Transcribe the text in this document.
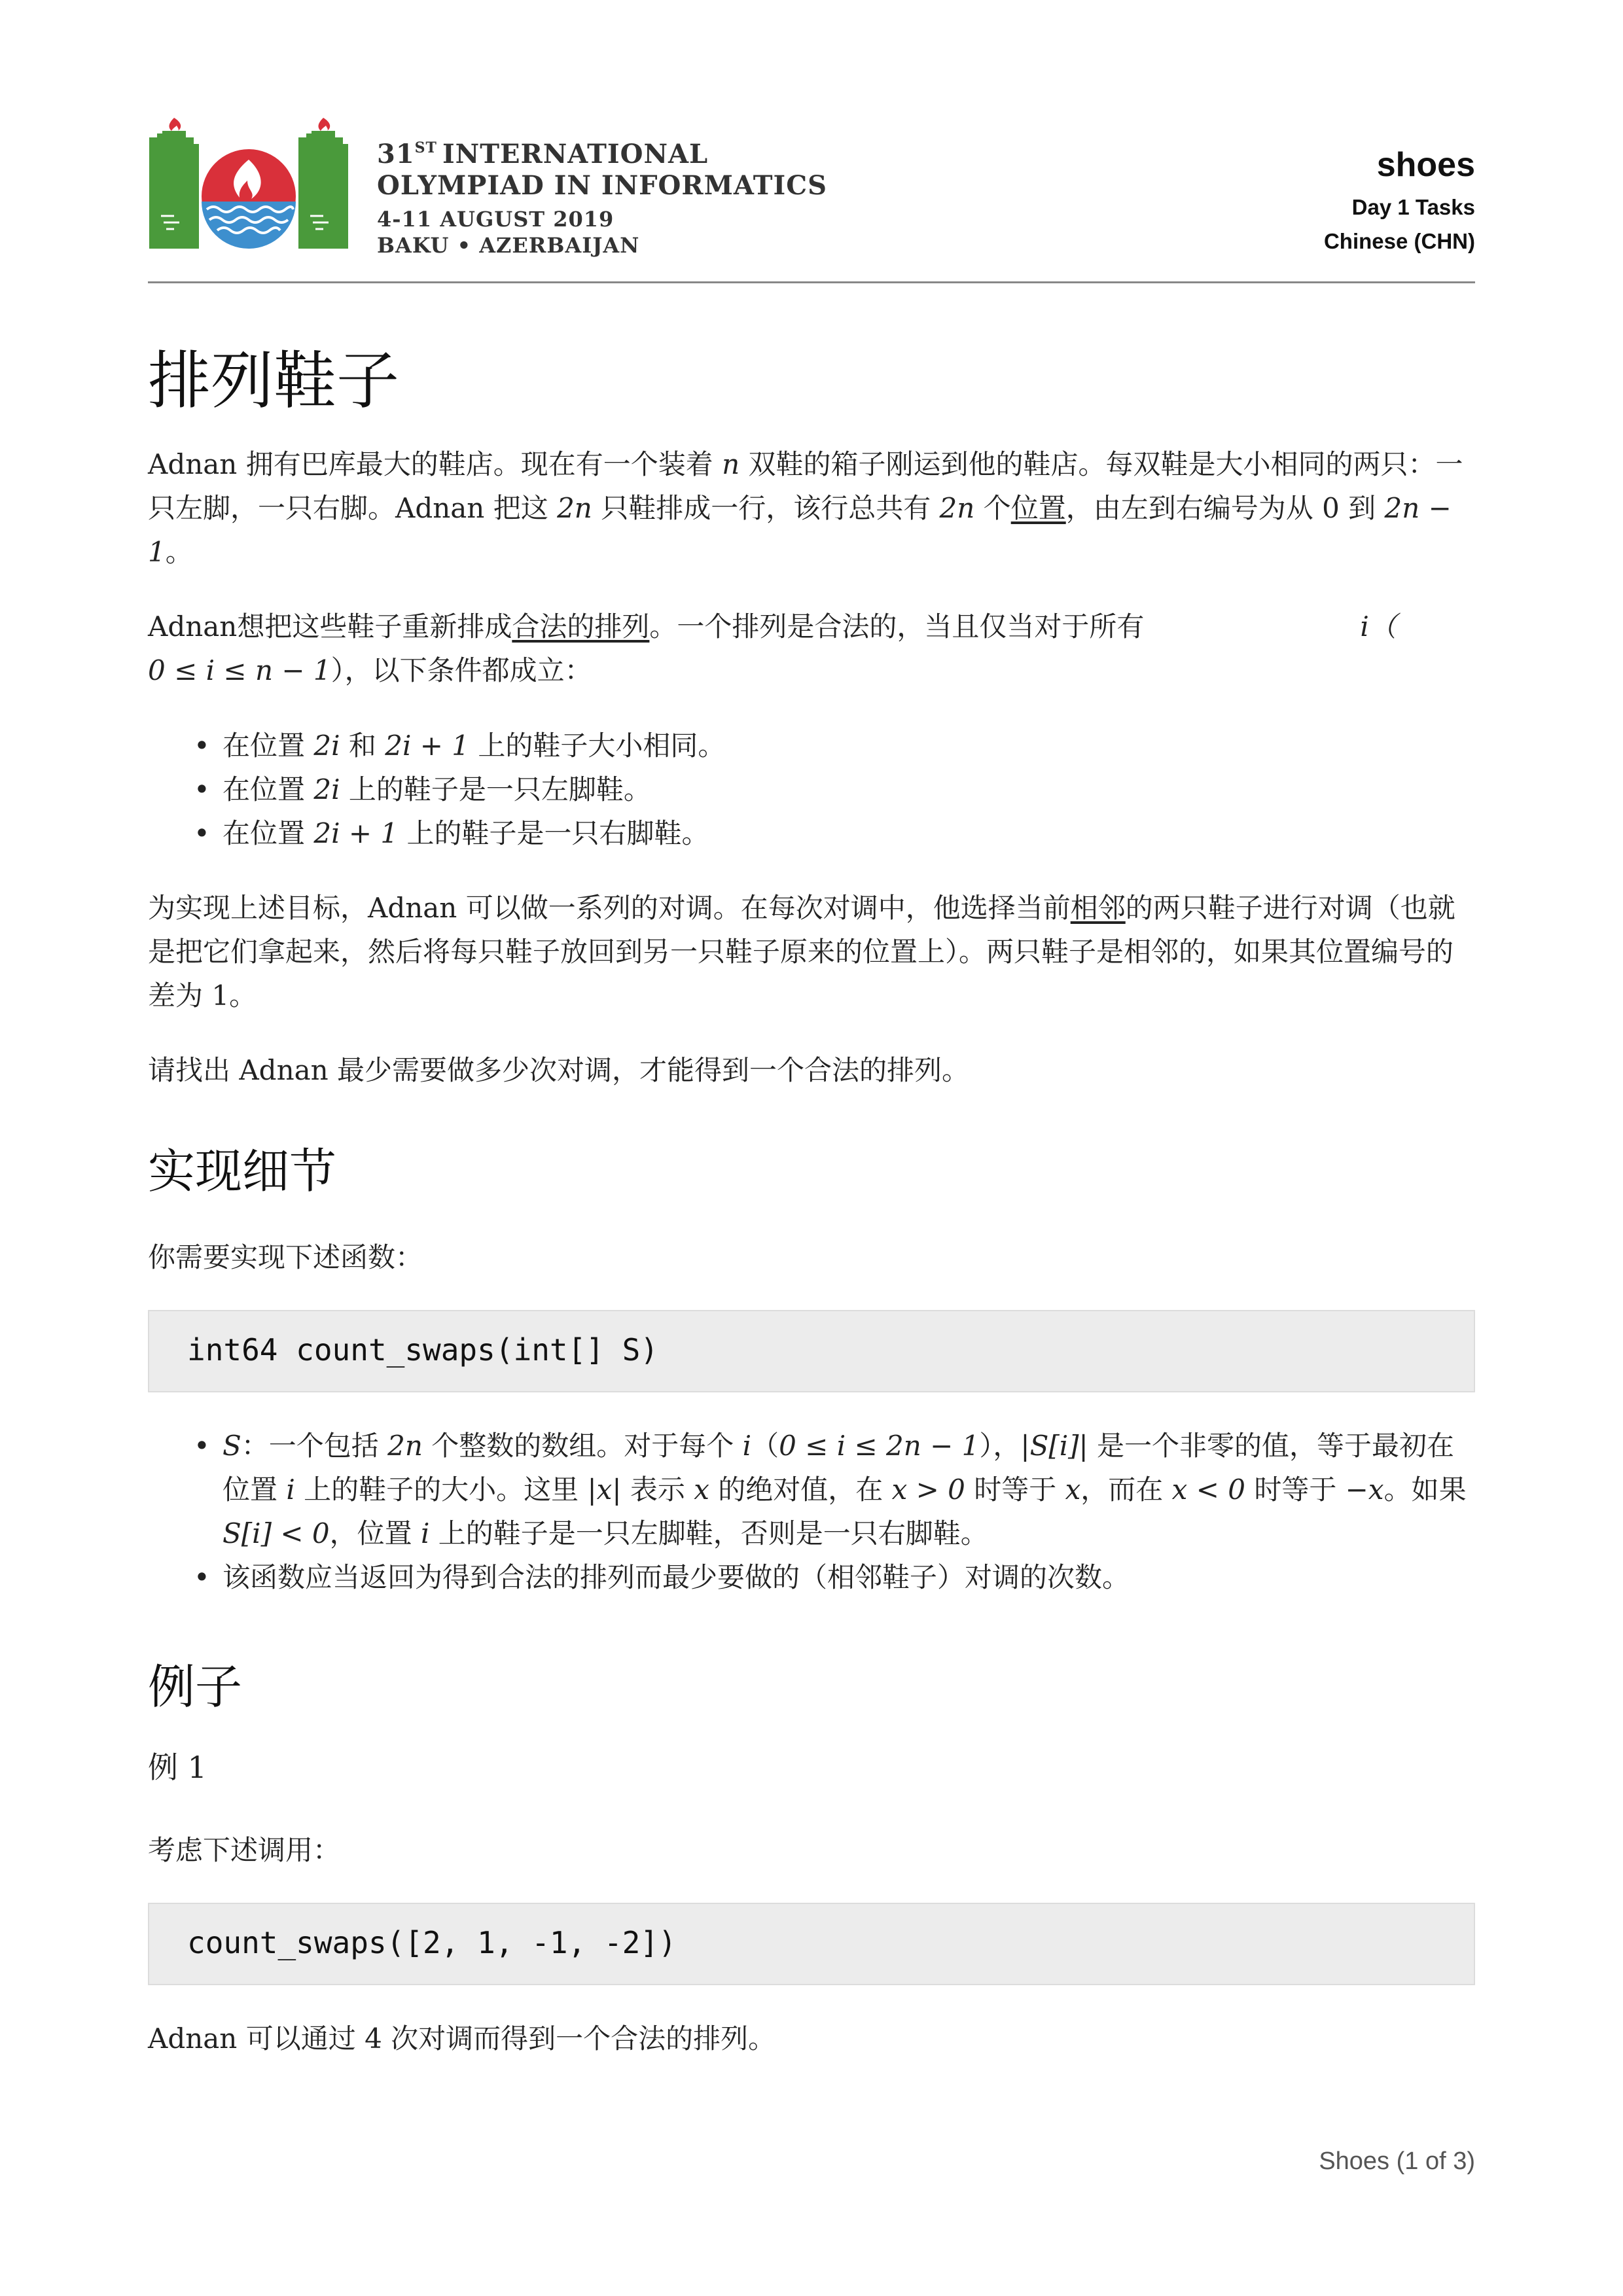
31ST INTERNATIONAL
OLYMPIAD IN INFORMATICS
4-11 AUGUST 2019
BAKU • AZERBAIJAN
shoes
Day 1 Tasks
Chinese (CHN)
排列鞋子
Adnan 拥有巴库最大的鞋店。现在有一个装着 n 双鞋的箱子刚运到他的鞋店。每双鞋是大小相同的两只：一只左脚，一只右脚。Adnan 把这 2n 只鞋排成一行，该行总共有 2n 个位置，由左到右编号为从 0 到 2n − 1。
Adnan想把这些鞋子重新排成合法的排列。一个排列是合法的，当且仅当对于所有	i（
0 ≤ i ≤ n − 1），以下条件都成立：
• 在位置 2i 和 2i + 1 上的鞋子大小相同。
• 在位置 2i 上的鞋子是一只左脚鞋。
• 在位置 2i + 1 上的鞋子是一只右脚鞋。
为实现上述目标，Adnan 可以做一系列的对调。在每次对调中，他选择当前相邻的两只鞋子进行对调（也就是把它们拿起来，然后将每只鞋子放回到另一只鞋子原来的位置上）。两只鞋子是相邻的，如果其位置编号的差为 1。
请找出 Adnan 最少需要做多少次对调，才能得到一个合法的排列。
实现细节
你需要实现下述函数：
int64 count_swaps(int[] S)
• S：一个包括 2n 个整数的数组。对于每个 i（0 ≤ i ≤ 2n − 1），|S[i]| 是一个非零的值，等于最初在位置 i 上的鞋子的大小。这里 |x| 表示 x 的绝对值，在 x > 0 时等于 x，而在 x < 0 时等于 −x。如果S[i] < 0，位置 i 上的鞋子是一只左脚鞋，否则是一只右脚鞋。
• 该函数应当返回为得到合法的排列而最少要做的（相邻鞋子）对调的次数。
例子
例 1
考虑下述调用：
count_swaps([2, 1, -1, -2])
Adnan 可以通过 4 次对调而得到一个合法的排列。
Shoes (1 of 3)
